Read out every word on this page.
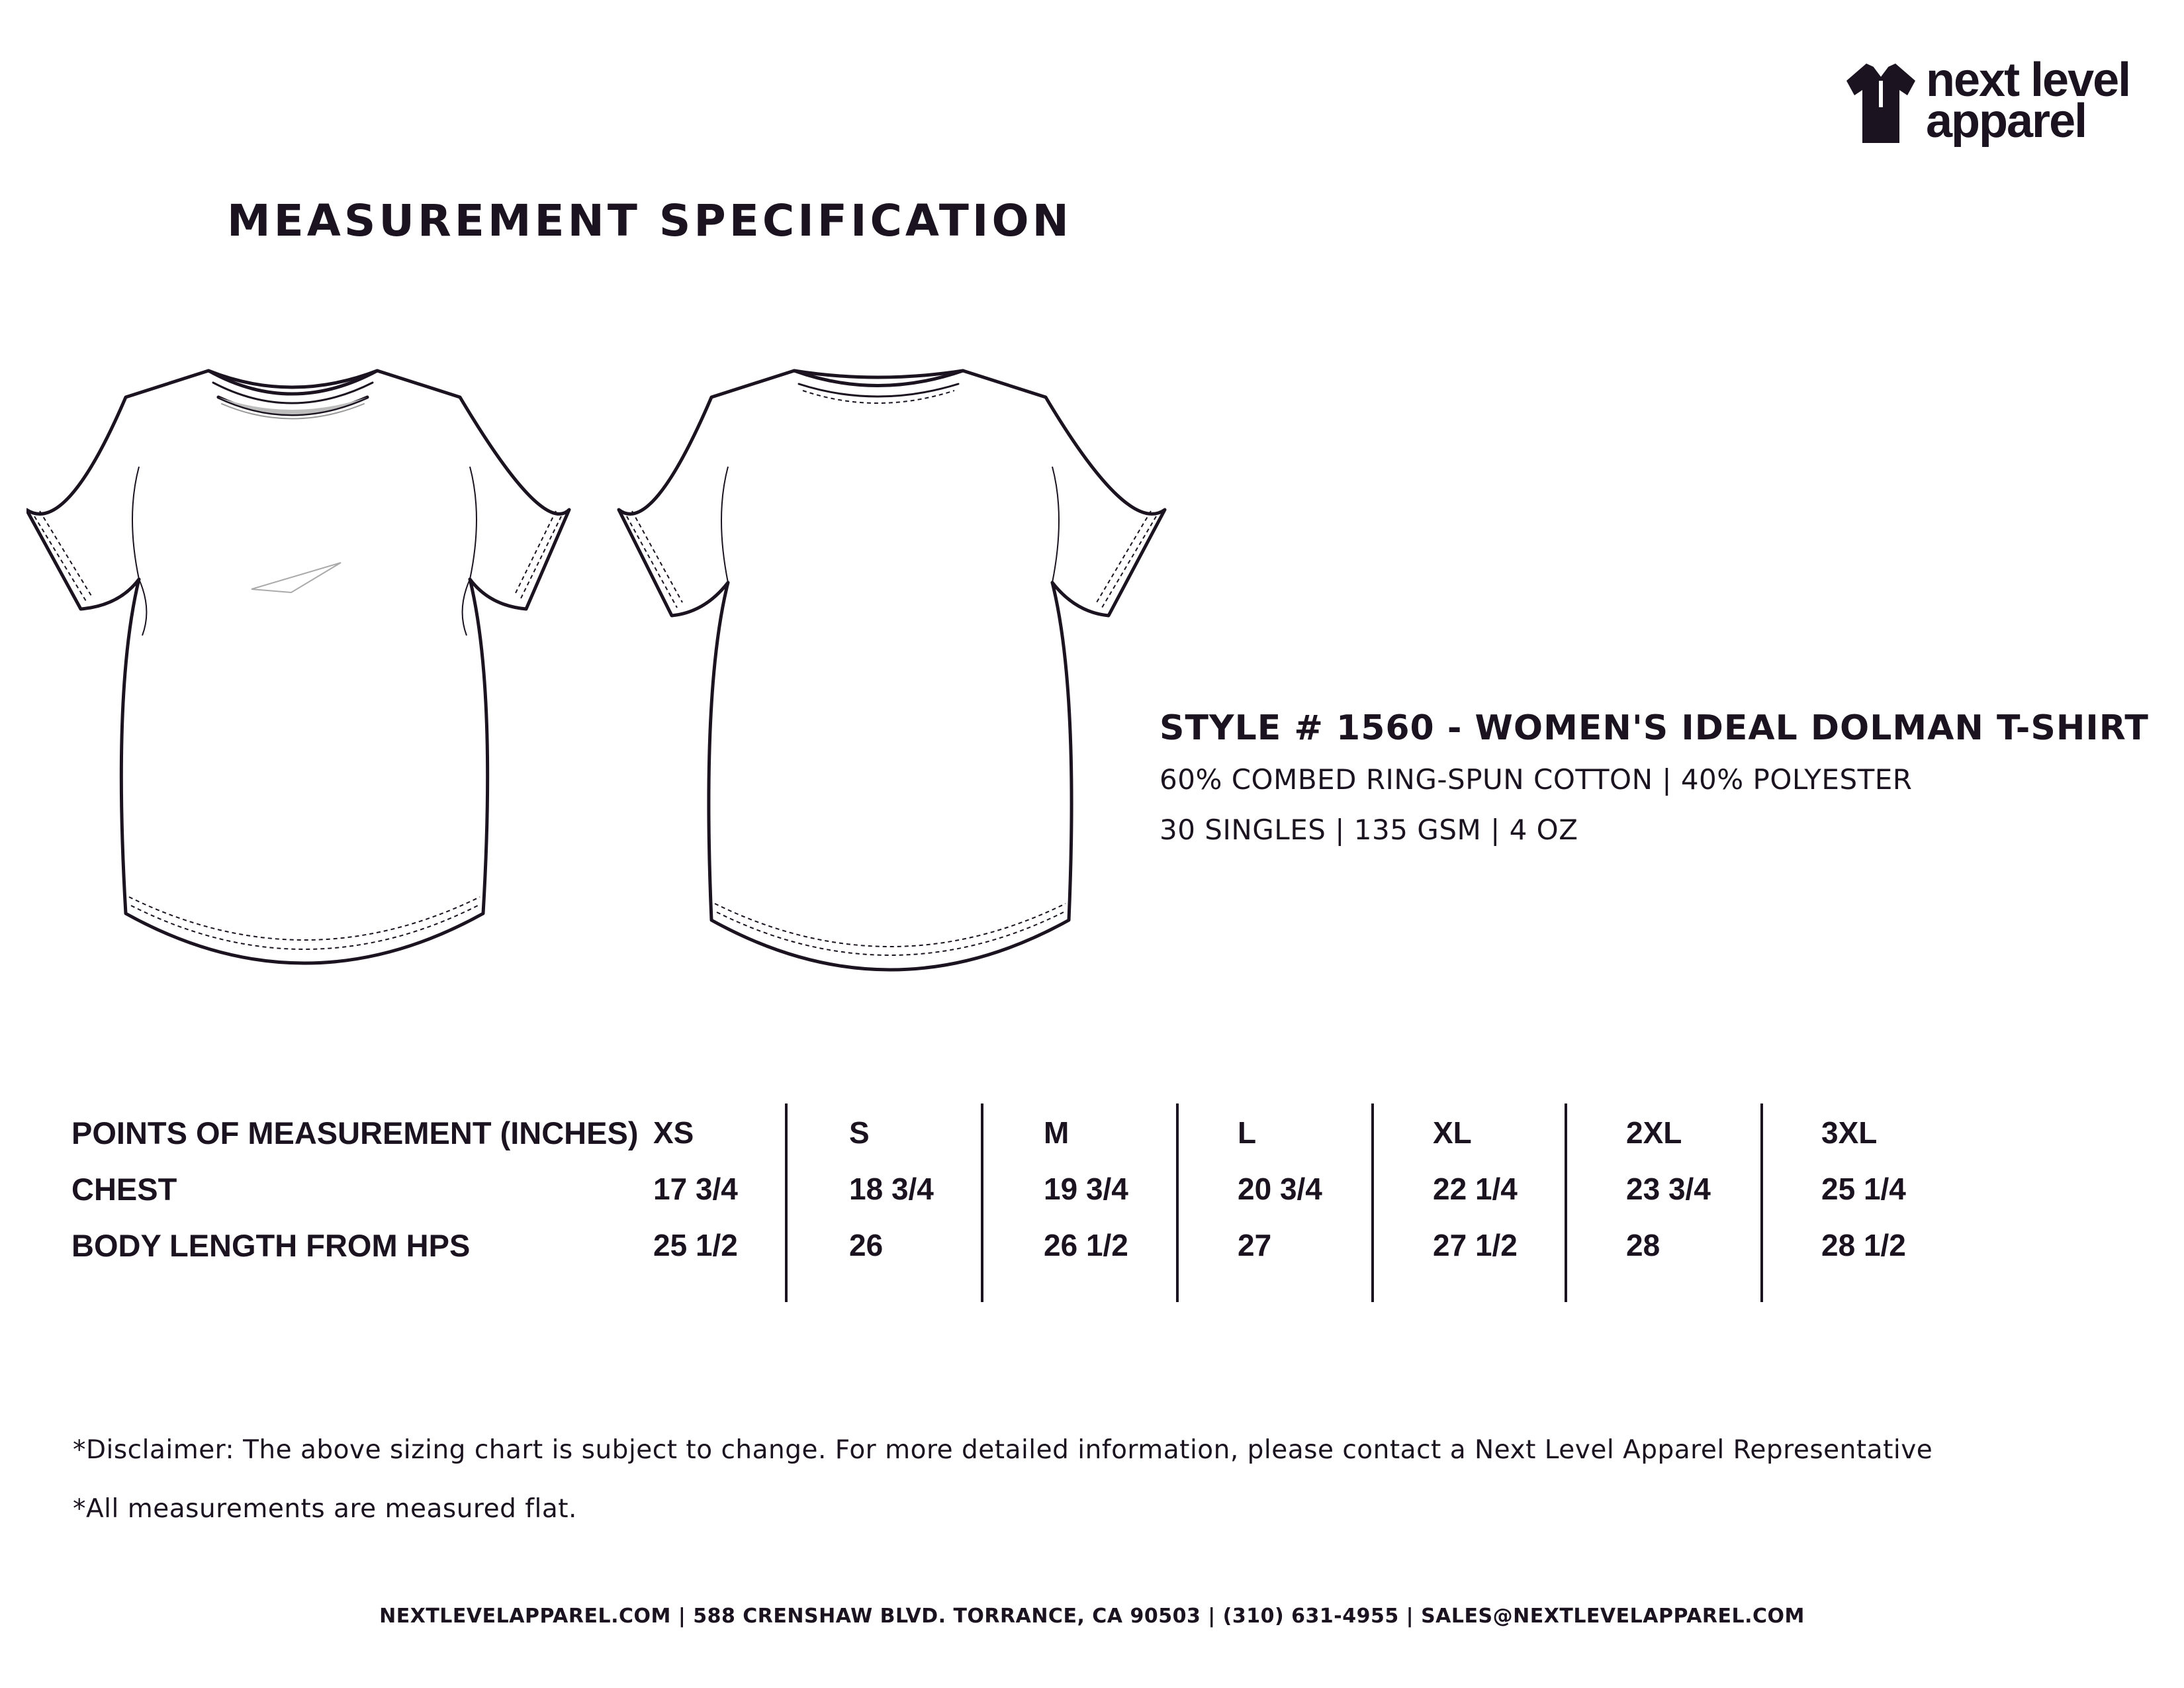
next level
apparel
MEASUREMENT SPECIFICATION
STYLE # 1560 - WOMEN'S IDEAL DOLMAN T-SHIRT
60% COMBED RING-SPUN COTTON | 40% POLYESTER
30 SINGLES | 135 GSM | 4 OZ
POINTS OF MEASUREMENT (INCHES) XS	S	M	L	XL	2XL	3XL
CHEST	17 3/4	18 3/4	19 3/4	20 3/4	22 1/4	23 3/4	25 1/4
BODY LENGTH FROM HPS	25 1/2	26	26 1/2	27	27 1/2	28	28 1/2
*Disclaimer: The above sizing chart is subject to change. For more detailed information, please contact a Next Level Apparel Representative
*All measurements are measured flat.
NEXTLEVELAPPAREL.COM | 588 CRENSHAW BLVD. TORRANCE, CA 90503 | (310) 631-4955 | SALES@NEXTLEVELAPPAREL.COM
